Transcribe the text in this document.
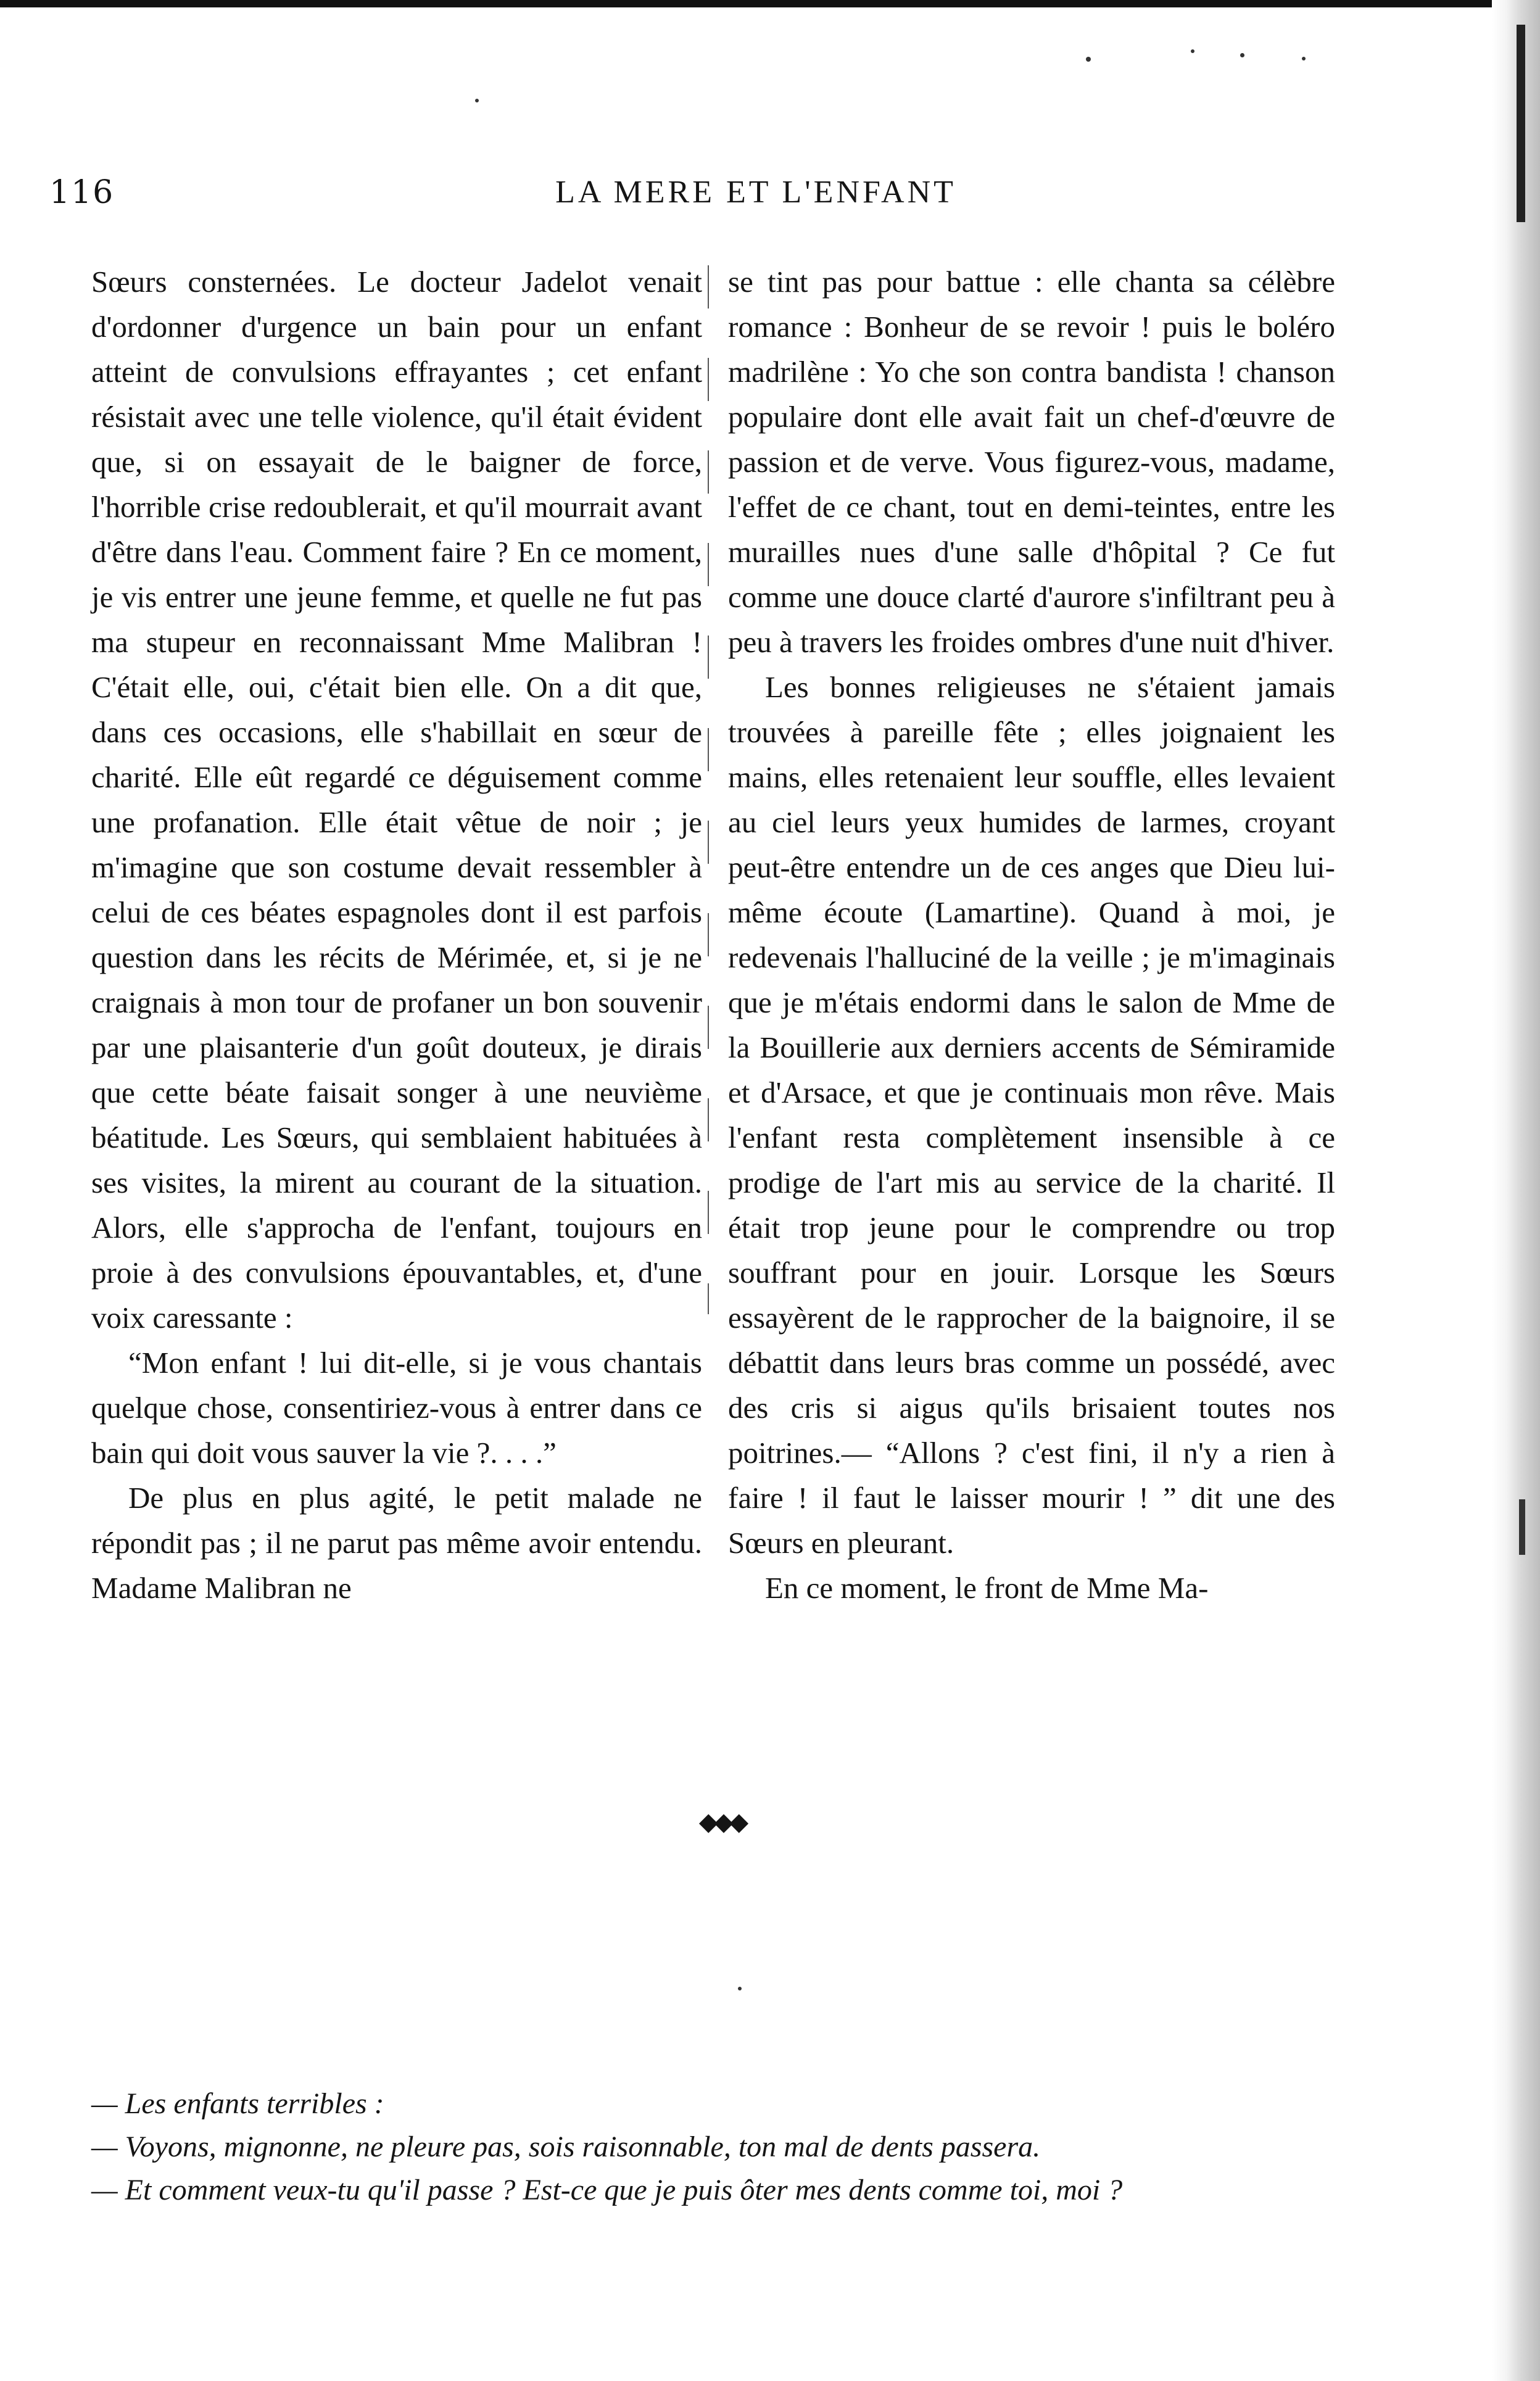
116	LA MERE ET L'ENFANT

Sœurs consternées. Le docteur Jadelot venait d'ordonner d'urgence un bain pour un enfant atteint de convulsions effrayantes ; cet enfant résistait avec une telle violence, qu'il était évident que, si on essayait de le baigner de force, l'horrible crise redoublerait, et qu'il mourrait avant d'être dans l'eau. Comment faire ? En ce moment, je vis entrer une jeune femme, et quelle ne fut pas ma stupeur en reconnaissant Mme Malibran ! C'était elle, oui, c'était bien elle. On a dit que, dans ces occasions, elle s'habillait en sœur de charité. Elle eût regardé ce déguisement comme une profanation. Elle était vêtue de noir ; je m'imagine que son costume devait ressembler à celui de ces béates espagnoles dont il est parfois question dans les récits de Mérimée, et, si je ne craignais à mon tour de profaner un bon souvenir par une plaisanterie d'un goût douteux, je dirais que cette béate faisait songer à une neuvième béatitude. Les Sœurs, qui semblaient habituées à ses visites, la mirent au courant de la situation. Alors, elle s'approcha de l'enfant, toujours en proie à des convulsions épouvantables, et, d'une voix caressante :

“Mon enfant ! lui dit-elle, si je vous chantais quelque chose, consentiriez-vous à entrer dans ce bain qui doit vous sauver la vie ?. . . .”

De plus en plus agité, le petit malade ne répondit pas ; il ne parut pas même avoir entendu. Madame Malibran ne

se tint pas pour battue : elle chanta sa célèbre romance : Bonheur de se revoir ! puis le boléro madrilène : Yo che son contra bandista ! chanson populaire dont elle avait fait un chef-d'œuvre de passion et de verve. Vous figurez-vous, madame, l'effet de ce chant, tout en demi-teintes, entre les murailles nues d'une salle d'hôpital ? Ce fut comme une douce clarté d'aurore s'infiltrant peu à peu à travers les froides ombres d'une nuit d'hiver.

Les bonnes religieuses ne s'étaient jamais trouvées à pareille fête ; elles joignaient les mains, elles retenaient leur souffle, elles levaient au ciel leurs yeux humides de larmes, croyant peut-être entendre un de ces anges que Dieu lui-même écoute (Lamartine). Quand à moi, je redevenais l'halluciné de la veille ; je m'imaginais que je m'étais endormi dans le salon de Mme de la Bouillerie aux derniers accents de Sémiramide et d'Arsace, et que je continuais mon rêve. Mais l'enfant resta complètement insensible à ce prodige de l'art mis au service de la charité. Il était trop jeune pour le comprendre ou trop souffrant pour en jouir. Lorsque les Sœurs essayèrent de le rapprocher de la baignoire, il se débattit dans leurs bras comme un possédé, avec des cris si aigus qu'ils brisaient toutes nos poitrines.— “Allons ? c'est fini, il n'y a rien à faire ! il faut le laisser mourir ! ” dit une des Sœurs en pleurant.

En ce moment, le front de Mme Ma-

◆◆◆

— Les enfants terribles :

— Voyons, mignonne, ne pleure pas, sois raisonnable, ton mal de dents passera.

— Et comment veux-tu qu'il passe ? Est-ce que je puis ôter mes dents comme toi, moi ?
